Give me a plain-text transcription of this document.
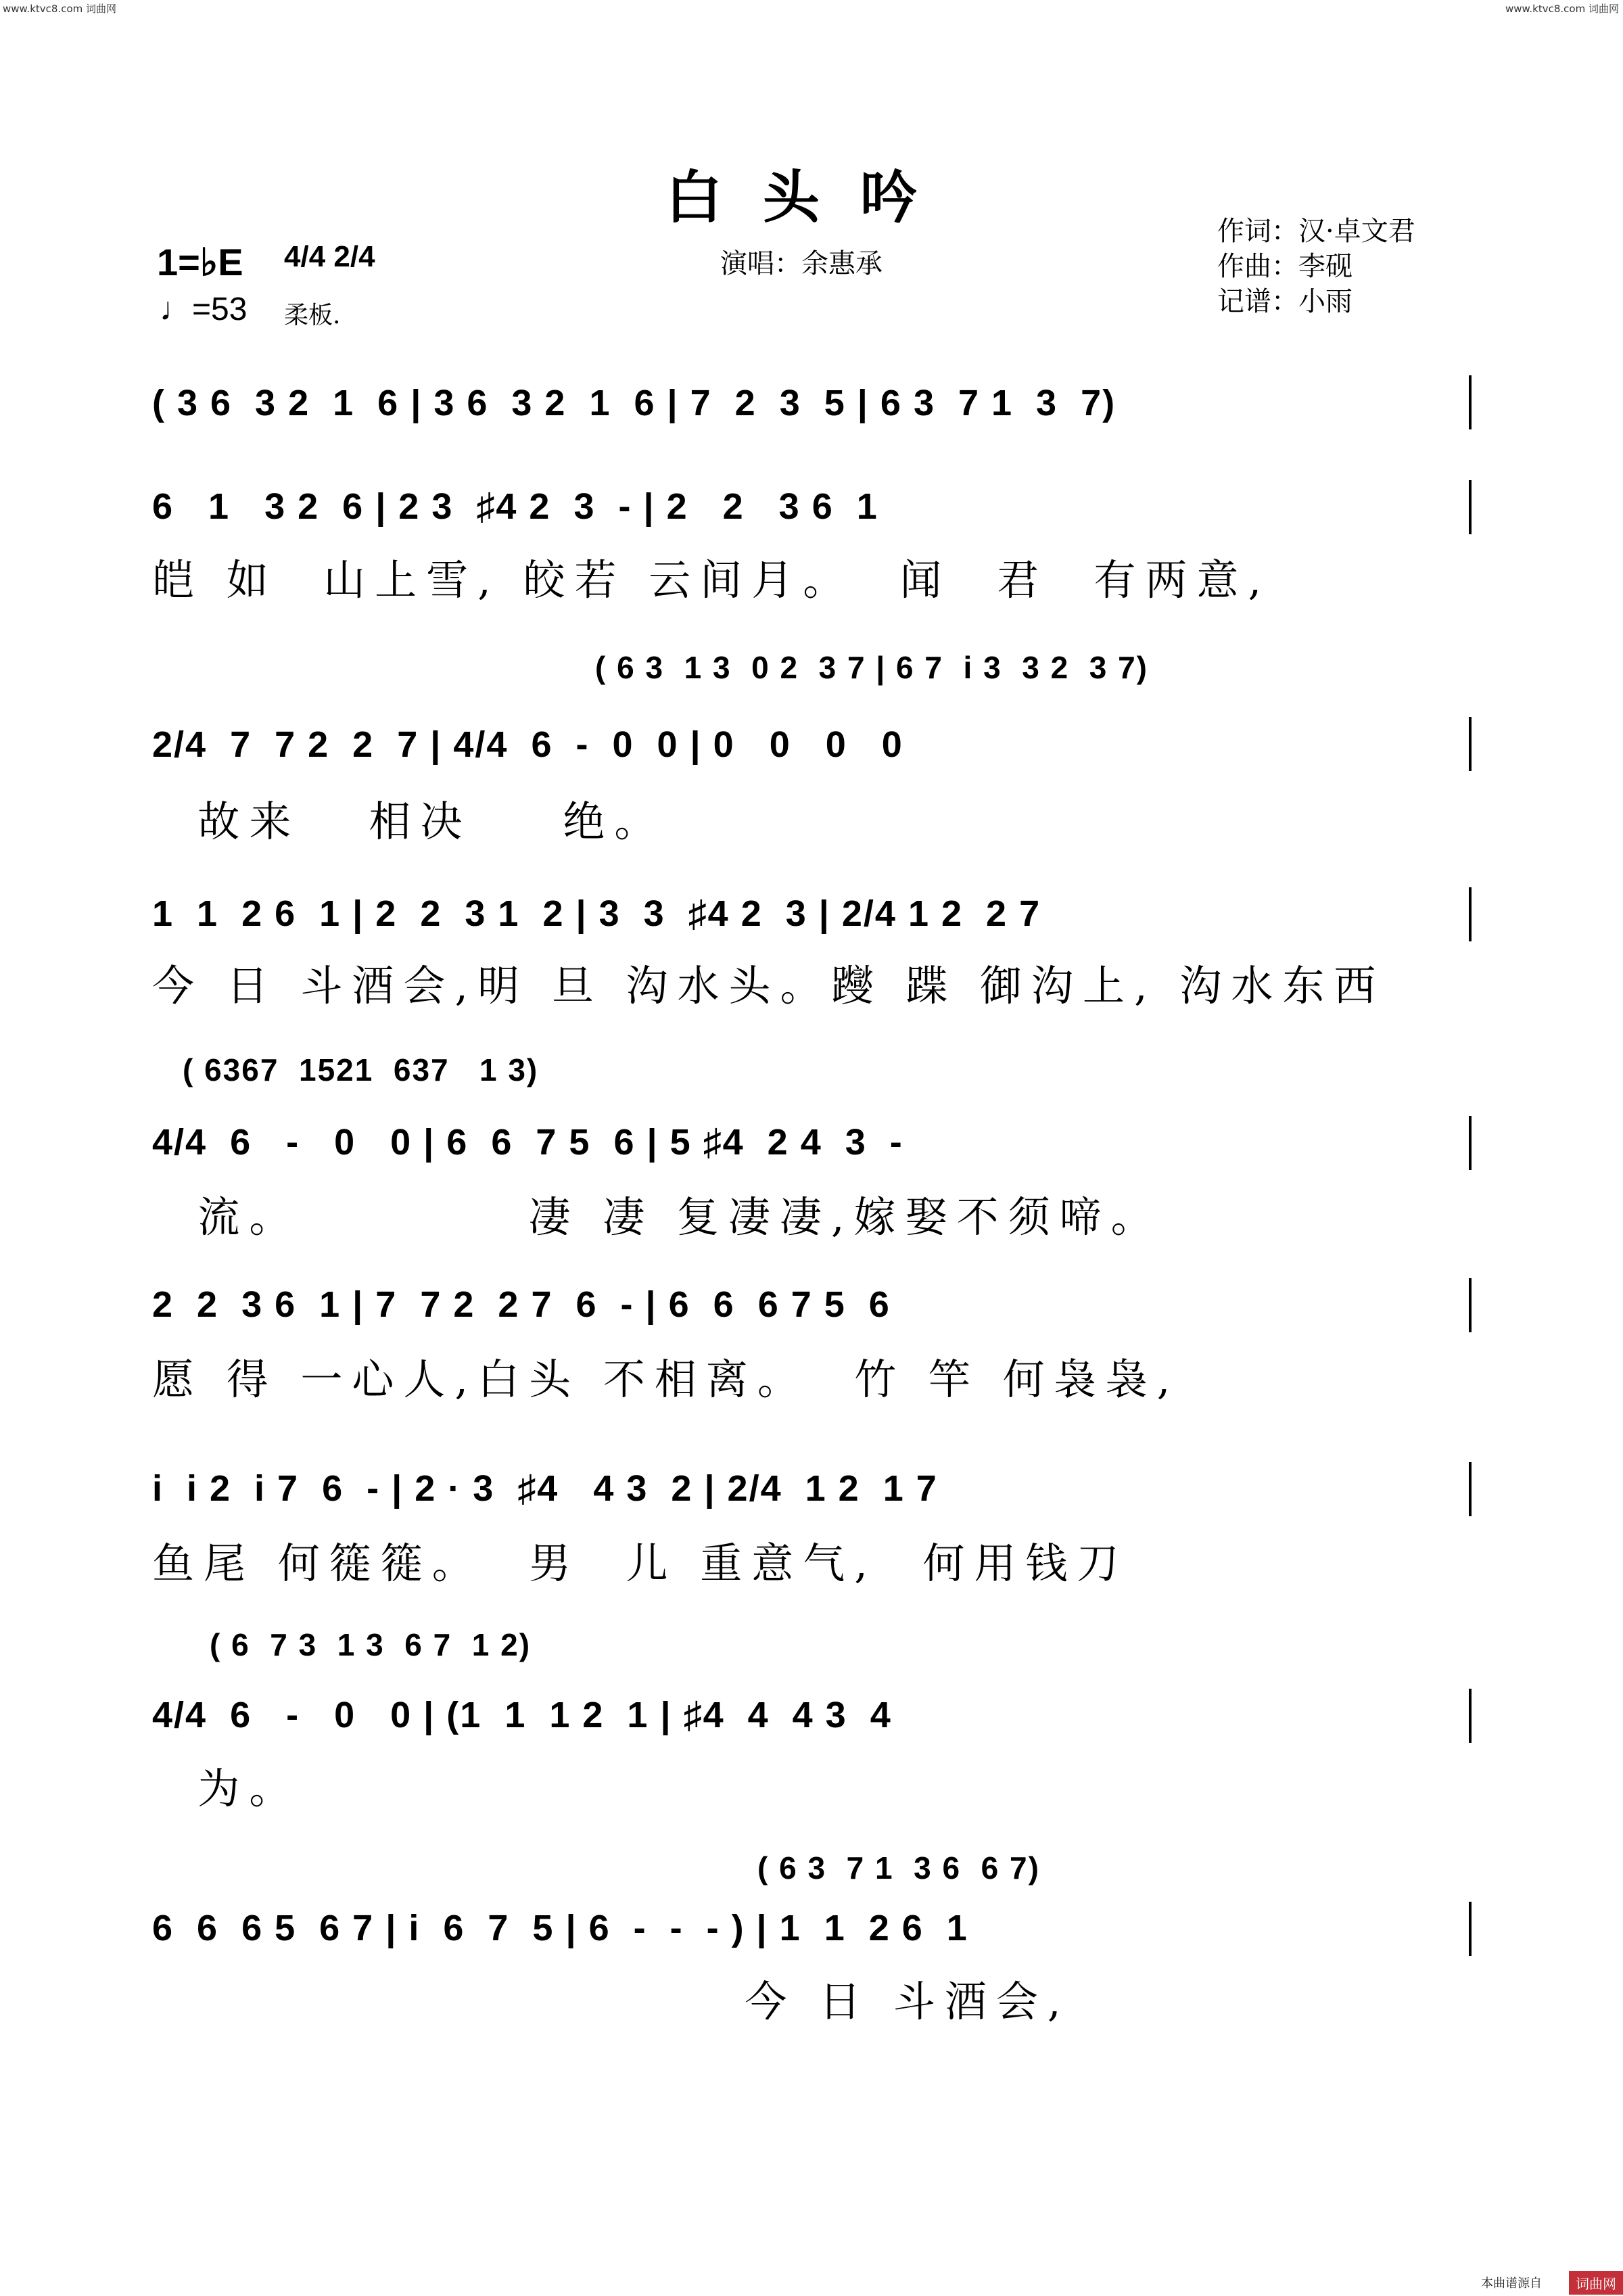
www.ktvc8.com 词曲网	www.ktvc8.com 词曲网
白头吟
1=♭E 4/4 2/4
♩=53 柔板.
演唱：余惠承
作词：汉·卓文君
作曲：李砚
记谱：小雨
( 3 6  3 2  1  6 | 3 6  3 2  1  6 | 7  2  3  5 | 6 3  7 1  3  7)
6   1   3 2  6 | 2 3  ♯4 2  3  - | 2   2   3 6  1
皑 如  山上雪, 皎若 云间月。  闻  君  有两意,
( 6 3  1 3  0 2  3 7 | 6 7  i 3  3 2  3 7)
2/4  7  7 2  2  7 | 4/4  6  -  0  0 | 0   0   0   0
故来   相决    绝。
1  1  2 6  1 | 2  2  3 1  2 | 3  3  ♯4 2  3 | 2/4 1 2  2 7
今 日 斗酒会,明 旦 沟水头。躞 蹀 御沟上, 沟水东西
( 6367  1521  637   1 3)
4/4  6   -   0   0 | 6  6  7 5  6 | 5 ♯4  2 4  3  -
流。          凄 凄 复凄凄,嫁娶不须啼。
2  2  3 6  1 | 7  7 2  2 7  6  - | 6  6  6 7 5  6
愿 得 一心人,白头 不相离。  竹 竿 何袅袅,
i  i 2  i 7  6  - | 2 · 3  ♯4   4 3  2 | 2/4  1 2  1 7
鱼尾 何簁簁。  男  儿 重意气,  何用钱刀
( 6  7 3  1 3  6 7  1 2)
4/4  6   -   0   0 | (1  1  1 2  1 | ♯4  4  4 3  4
为。
( 6 3  7 1  3 6  6 7)
6  6  6 5  6 7 | i  6  7  5 | 6  -  -  - ) | 1  1  2 6  1
今 日 斗酒会,
本曲谱源自	词曲网
